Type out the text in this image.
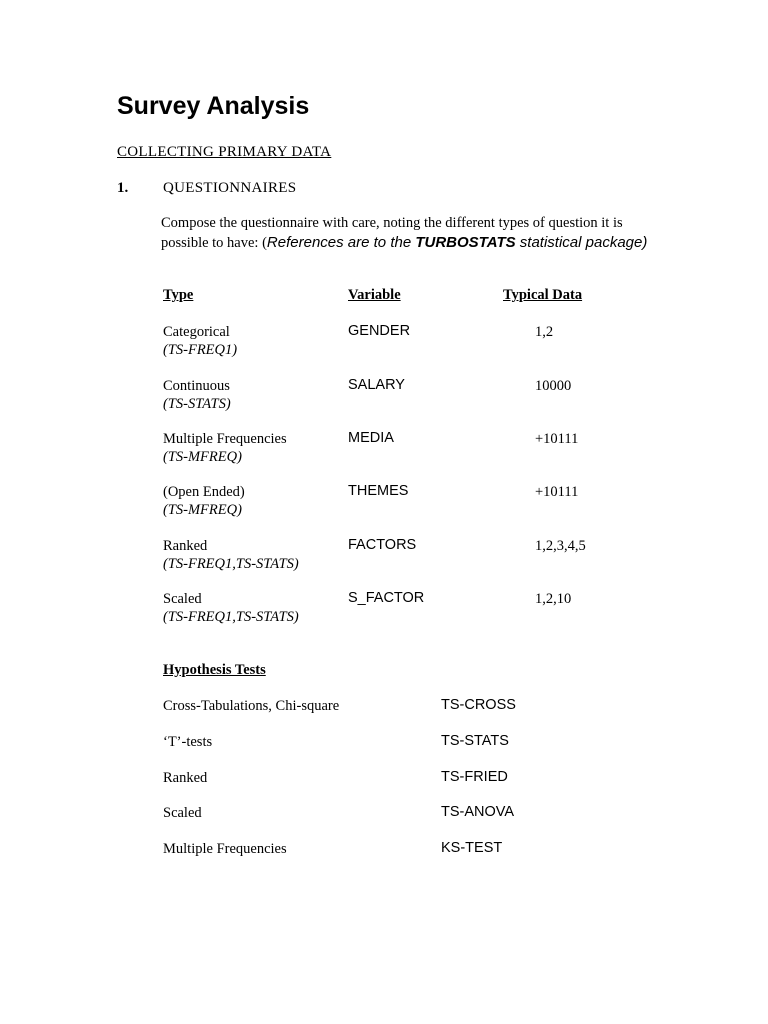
Survey Analysis
COLLECTING PRIMARY DATA
1. QUESTIONNAIRES
Compose the questionnaire with care, noting the different types of question it is possible to have: (References are to the TURBOSTATS statistical package)
Type	Variable	Typical Data
Categorical
(TS-FREQ1)
GENDER	1,2
Continuous
(TS-STATS)
SALARY	10000
Multiple Frequencies
(TS-MFREQ)
MEDIA	+10111
(Open Ended)
(TS-MFREQ)
THEMES	+10111
Ranked
(TS-FREQ1,TS-STATS)
FACTORS	1,2,3,4,5
Scaled
(TS-FREQ1,TS-STATS)
S_FACTOR	1,2,10
Hypothesis Tests
Cross-Tabulations, Chi-square	TS-CROSS
‘T’-tests	TS-STATS
Ranked	TS-FRIED
Scaled	TS-ANOVA
Multiple Frequencies	KS-TEST
